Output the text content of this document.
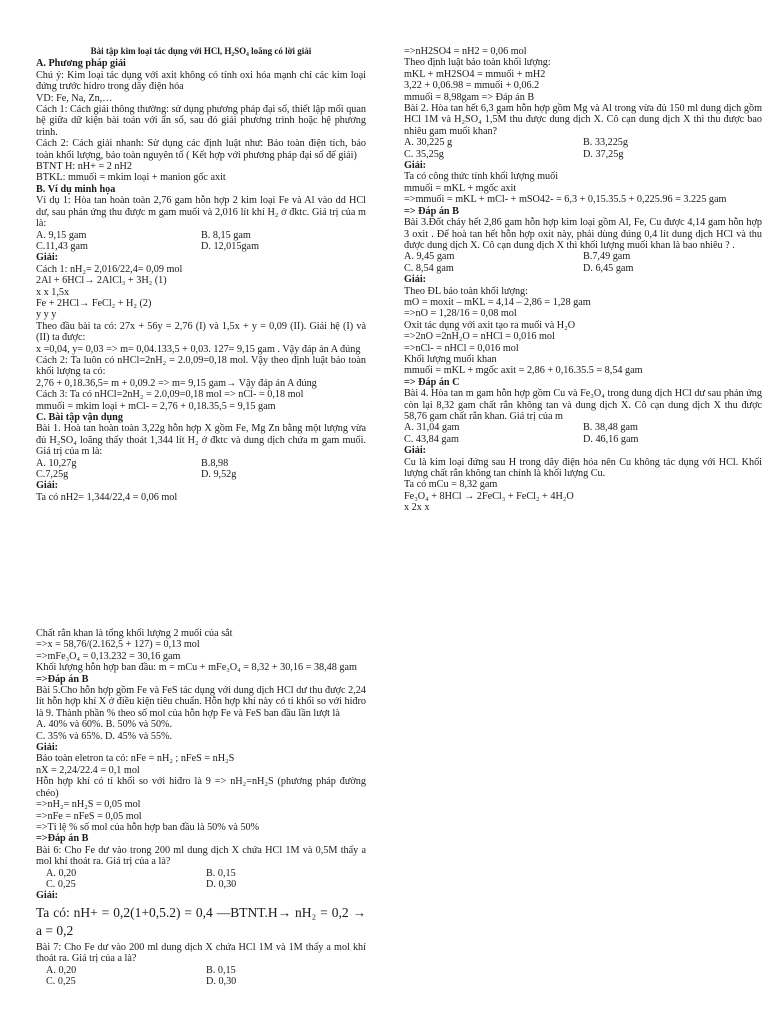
Bài tập kim loại tác dụng với HCl, H₂SO₄ loãng có lời giải

A. Phương pháp giải

Chú ý: Kim loại tác dụng với axit không có tính oxi hóa mạnh chỉ các kim loại đứng trước hidro trong dãy điện hóa

VD: Fe, Na, Zn,…

Cách 1: Cách giải thông thường: sử dụng phương pháp đại số, thiết lập mối quan hệ giữa dữ kiện bài toán với ẩn số, sau đó giải phương trình hoặc hệ phương trình.

Cách 2: Cách giải nhanh: Sử dụng các định luật như: Bảo toàn điện tích, bảo toàn khối lượng, bảo toàn nguyên tố ( Kết hợp với phương pháp đại số để giải)

BTNT H: nH+ = 2 nH2

BTKL: mmuối = mkim loại + manion gốc axit

B. Ví dụ minh họa

Ví dụ 1: Hòa tan hoàn toàn 2,76 gam hỗn hợp 2 kim loại Fe và Al vào dd HCl dư, sau phản ứng thu được m gam muối và 2,016 lít khí H₂ ở đktc. Giá trị của m là:

A. 9,15 gam	B. 8,15 gam
C.11,43 gam	D. 12,015gam

Giải:

Cách 1: nH₂= 2,016/22,4= 0,09 mol

2Al + 6HCl→ 2AlCl₃ + 3H₂ (1)

x x 1,5x

Fe + 2HCl→ FeCl₂ + H₂ (2)

y y y

Theo đầu bài ta có: 27x + 56y = 2,76 (I) và 1,5x + y = 0,09 (II). Giải hệ (I) và (II) ta được:

x =0,04, y= 0,03 => m= 0,04.133,5 + 0,03. 127= 9,15 gam . Vậy đáp án A đúng

Cách 2: Ta luôn có nHCl=2nH₂ = 2.0,09=0,18 mol. Vậy theo định luật bảo toàn khối lượng ta có:

2,76 + 0,18.36,5= m + 0,09.2 => m= 9,15 gam→ Vậy đáp án A đúng

Cách 3: Ta có nHCl=2nH₂ = 2.0,09=0,18 mol => nCl- = 0,18 mol

mmuối = mkim loại + mCl- = 2,76 + 0,18.35,5 = 9,15 gam

C. Bài tập vận dụng

Bài 1. Hoà tan hoàn toàn 3,22g hỗn hợp X gồm Fe, Mg Zn bằng một lượng vừa đủ H₂SO₄ loãng thấy thoát 1,344 lít H₂ ở đktc và dung dịch chứa m gam muối. Giá trị của m là:

A. 10,27g	B.8,98
C.7,25g	D. 9,52g

Giải:

Ta có nH2= 1,344/22,4 = 0,06 mol

=>nH2SO4 = nH2 = 0,06 mol

Theo định luật bảo toàn khối lượng:

mKL + mH2SO4 = mmuối + mH2

3,22 + 0,06.98 = mmuối + 0,06.2

mmuối = 8,98gam => Đáp án B

Bài 2. Hòa tan hết 6,3 gam hỗn hợp gồm Mg và Al trong vừa đủ 150 ml dung dịch gồm HCl 1M và H₂SO₄ 1,5M thu được dung dịch X. Cô cạn dung dịch X thì thu được bao nhiêu gam muối khan?

A. 30,225 g	B. 33,225g
C. 35,25g	D. 37,25g

Giải:

Ta có công thức tính khối lượng muối

mmuối = mKL + mgốc axit

=>mmuối = mKL + mCl- + mSO42- = 6,3 + 0,15.35.5 + 0,225.96 = 3.225 gam

=> Đáp án B

Bài 3.Đốt cháy hết 2,86 gam hỗn hợp kim loại gồm Al, Fe, Cu được 4,14 gam hỗn hợp 3 oxit . Để hoà tan hết hỗn hợp oxit này, phải dùng đúng 0,4 lít dung dịch HCl và thu được dung dịch X. Cô cạn dung dịch X thì khối lượng muối khan là bao nhiêu ? .

A. 9,45 gam	B.7,49 gam
C. 8,54 gam	D. 6,45 gam

Giải:

Theo ĐL bảo toàn khối lượng:

mO = moxit – mKL = 4,14 – 2,86 = 1,28 gam

=>nO = 1,28/16 = 0,08 mol

Oxit tác dụng với axit tạo ra muối và H₂O

=>2nO =2nH₂O = nHCl = 0,016 mol

=>nCl- = nHCl = 0,016 mol

Khối lượng muối khan

mmuối = mKL + mgốc axit = 2,86 + 0,16.35.5 = 8,54 gam

=> Đáp án C

Bài 4. Hòa tan m gam hỗn hợp gồm Cu và Fe₃O₄ trong dung dịch HCl dư sau phản ứng còn lại 8,32 gam chất rắn không tan và dung dịch X. Cô cạn dung dịch X thu được 58,76 gam chất rắn khan. Giá trị của m

A. 31,04 gam	B. 38,48 gam
C. 43,84 gam	D. 46,16 gam

Giải:

Cu là kim loại đứng sau H trong dãy điện hóa nên Cu không tác dụng với HCl. Khối lượng chất rắn không tan chính là khối lượng Cu.

Ta có mCu = 8,32 gam

Fe₃O₄ + 8HCl → 2FeCl₃ + FeCl₂ + 4H₂O

x 2x x

Chất rắn khan là tổng khối lượng 2 muối của sắt

=>x = 58,76/(2.162,5 + 127) = 0,13 mol

=>mFe₃O₄ = 0,13.232 = 30,16 gam

Khối lượng hỗn hợp ban đầu: m = mCu + mFe₃O₄ = 8,32 + 30,16 = 38,48 gam

=>Đáp án B

Bài 5.Cho hỗn hợp gồm Fe và FeS tác dụng với dung dịch HCl dư thu được 2,24 lít hỗn hợp khí X ở điều kiện tiêu chuẩn. Hỗn hợp khí này có tỉ khối so với hiđro là 9. Thành phần % theo số mol của hỗn hợp Fe và FeS ban đầu lần lượt là

A. 40% và 60%. B. 50% và 50%.

C. 35% và 65%. D. 45% và 55%.

Giải:

Bảo toàn eletron ta có: nFe = nH₂ ; nFeS = nH₂S

nX = 2,24/22.4 = 0,1 mol

Hỗn hợp khí có tỉ khối so với hiđro là 9 => nH₂=nH₂S (phương pháp đường chéo)

=>nH₂= nH₂S = 0,05 mol

=>nFe = nFeS = 0,05 mol

=>Tỉ lệ % số mol của hỗn hợp ban đầu là 50% và 50%

=>Đáp án B

Bài 6: Cho Fe dư vào trong 200 ml dung dịch X chứa HCl 1M và 0,5M thấy a mol khí thoát ra. Giá trị của a là?

A. 0,20	B. 0,15
C. 0,25	D. 0,30

Giải:

Ta có: nH+ = 0,2(1+0,5.2) = 0,4 —BTNT.H→ nH₂ = 0,2 → a = 0,2

Bài 7: Cho Fe dư vào 200 ml dung dịch X chứa HCl 1M và 1M thấy a mol khí thoát ra. Giá trị của a là?

A. 0,20	B. 0,15
C. 0,25	D. 0,30
